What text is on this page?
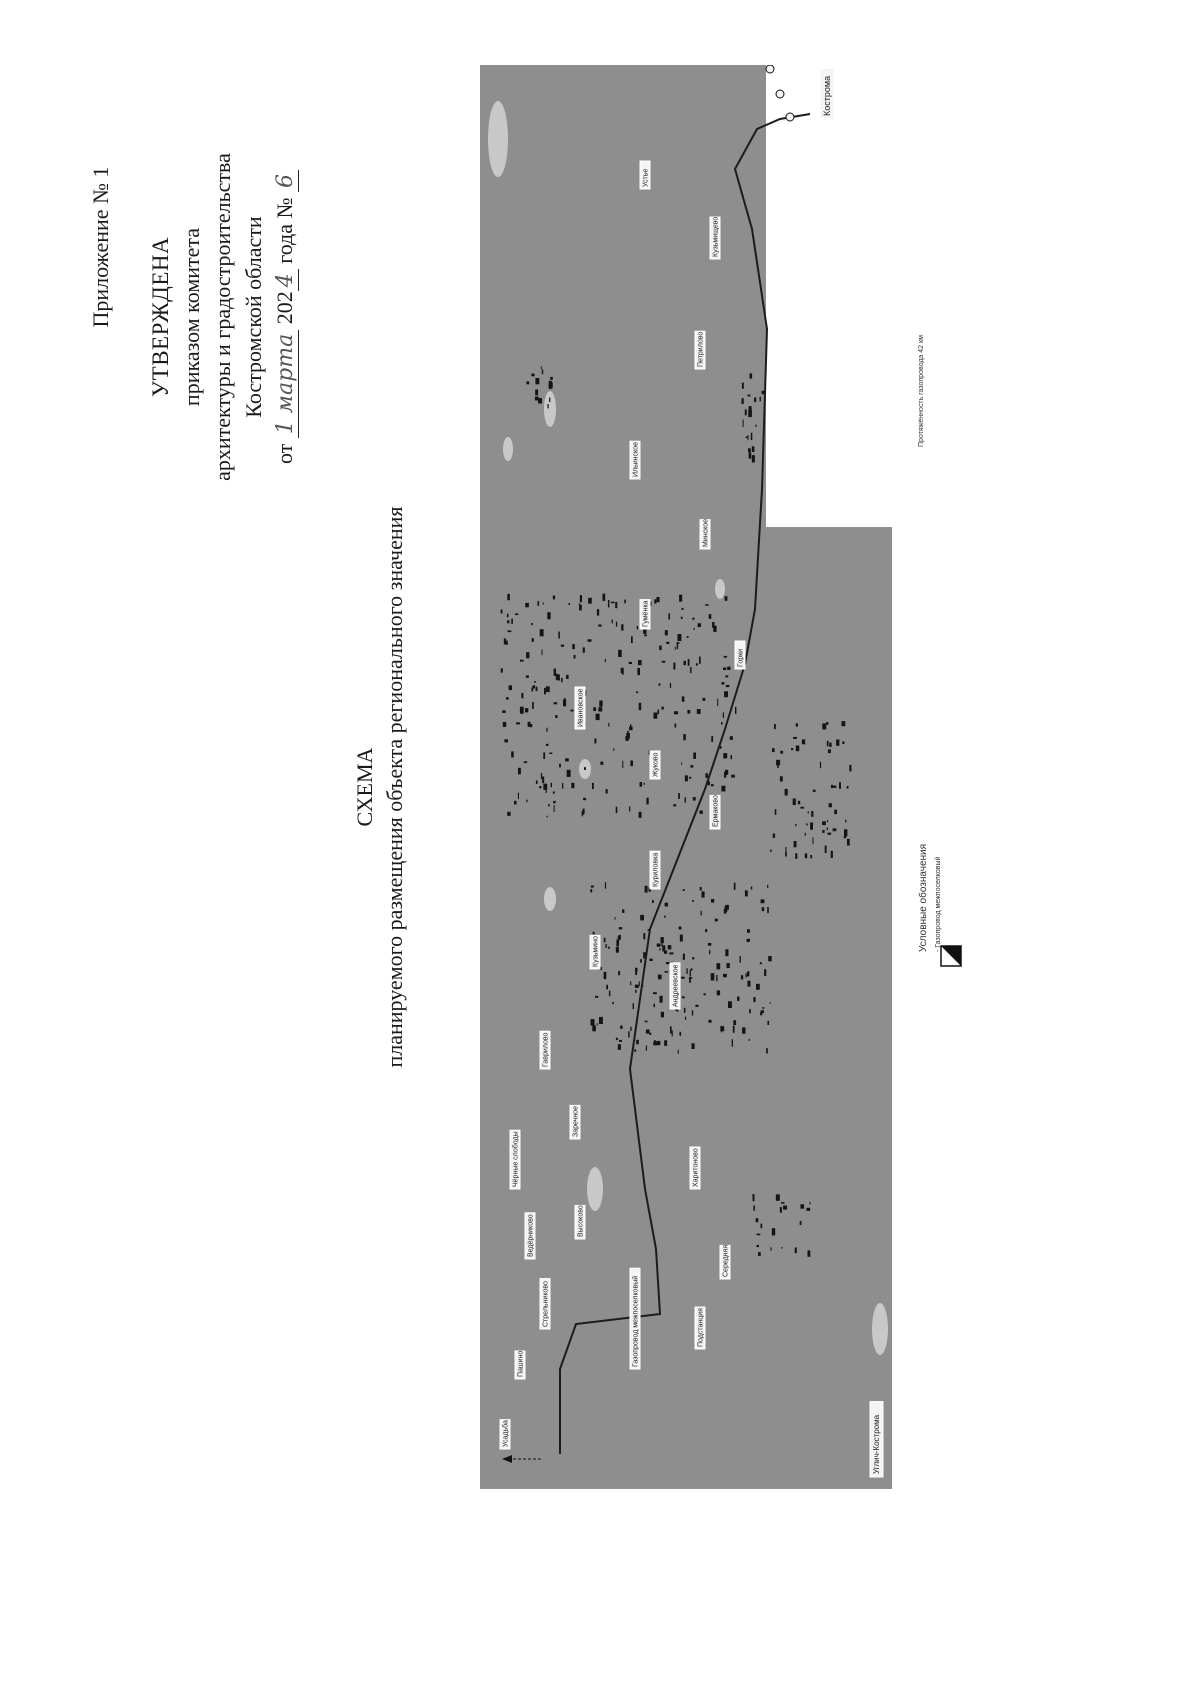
Приложение № 1 УТВЕРЖДЕНА приказом комитета архитектуры и градостроительства Костромской области
от 1 марта 2024 года № 6
СХЕМА планируемого размещения объекта регионального значения
Усадьба
Пашино
Стрельниково
Ведёрниково
Чёрные слободы
Газопровод межпоселковый	Подстанция
Середняя
Высоково
Харитоново
Заречное
Гаврилово
Андреевское
Кузьмино
Куриловка
Ермаково
Жуково
Ивановское
Горки
Гумёнка
Минское
Ильинское
Петрилово
Кузьмищево
Устье
Кострома
Углич-Кострома
Условные обозначения - Газопровод межпоселковый
Протяжённость газопровода 42 км
